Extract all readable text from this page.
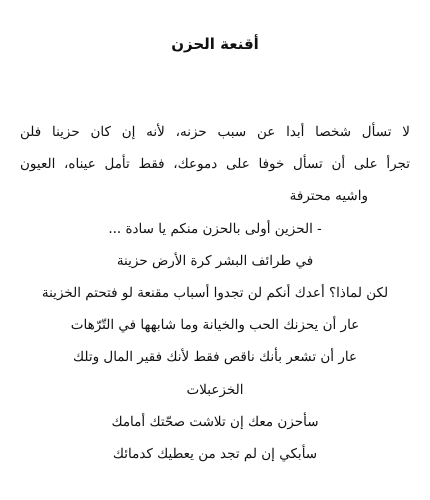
أقنعة الحزن

لا تسأل شخصا أبدا عن سبب حزنه، لأنه إن كان حزينا فلن

تجرأ على أن تسأل خوفا على دموعك، فقط تأمل عيناه، العيون

واشيه محترفة

- الحزين أولى بالحزن منكم يا سادة ...

في طرائف البشر كرة الأرض حزينة

لكن لماذا؟ أعدك أنكم لن تجدوا أسباب مقنعة لو فتحتم الخزينة

عار أن يحزنك الحب والخيانة وما شابهها في التّرّهات

عار أن تشعر بأنك ناقص فقط لأنك فقير المال وتلك

الخزعبلات

سأحزن معك إن تلاشت صحّتك أمامك

سأبكي إن لم تجد من يعطيك كدمائك
